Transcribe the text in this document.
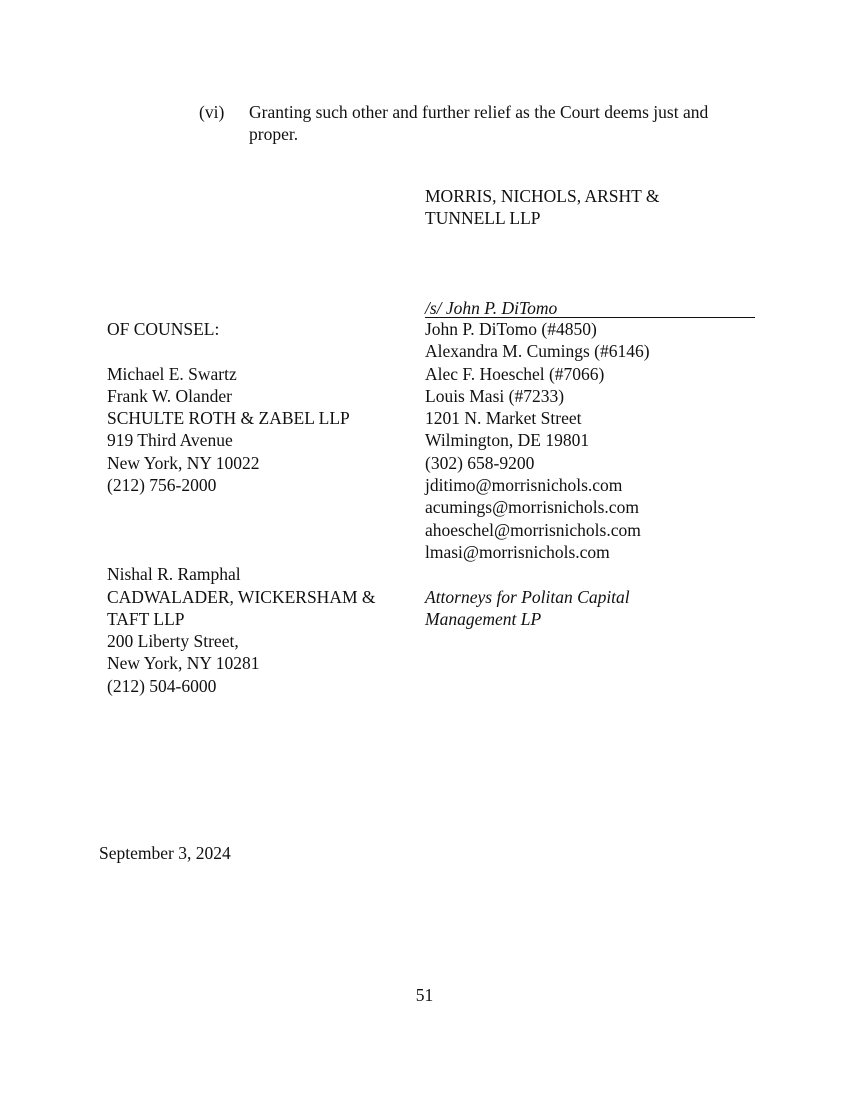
(vi) Granting such other and further relief as the Court deems just and proper.
MORRIS, NICHOLS, ARSHT &
TUNNELL LLP
/s/ John P. DiTomo
John P. DiTomo (#4850)
Alexandra M. Cumings (#6146)
Alec F. Hoeschel (#7066)
Louis Masi (#7233)
1201 N. Market Street
Wilmington, DE 19801
(302) 658-9200
jditimo@morrisnichols.com
acumings@morrisnichols.com
ahoeschel@morrisnichols.com
lmasi@morrisnichols.com

Attorneys for Politan Capital
Management LP
OF COUNSEL:

Michael E. Swartz
Frank W. Olander
SCHULTE ROTH & ZABEL LLP
919 Third Avenue
New York, NY 10022
(212) 756-2000

Nishal R. Ramphal
CADWALADER, WICKERSHAM &
TAFT LLP
200 Liberty Street,
New York, NY 10281
(212) 504-6000
September 3, 2024
51
